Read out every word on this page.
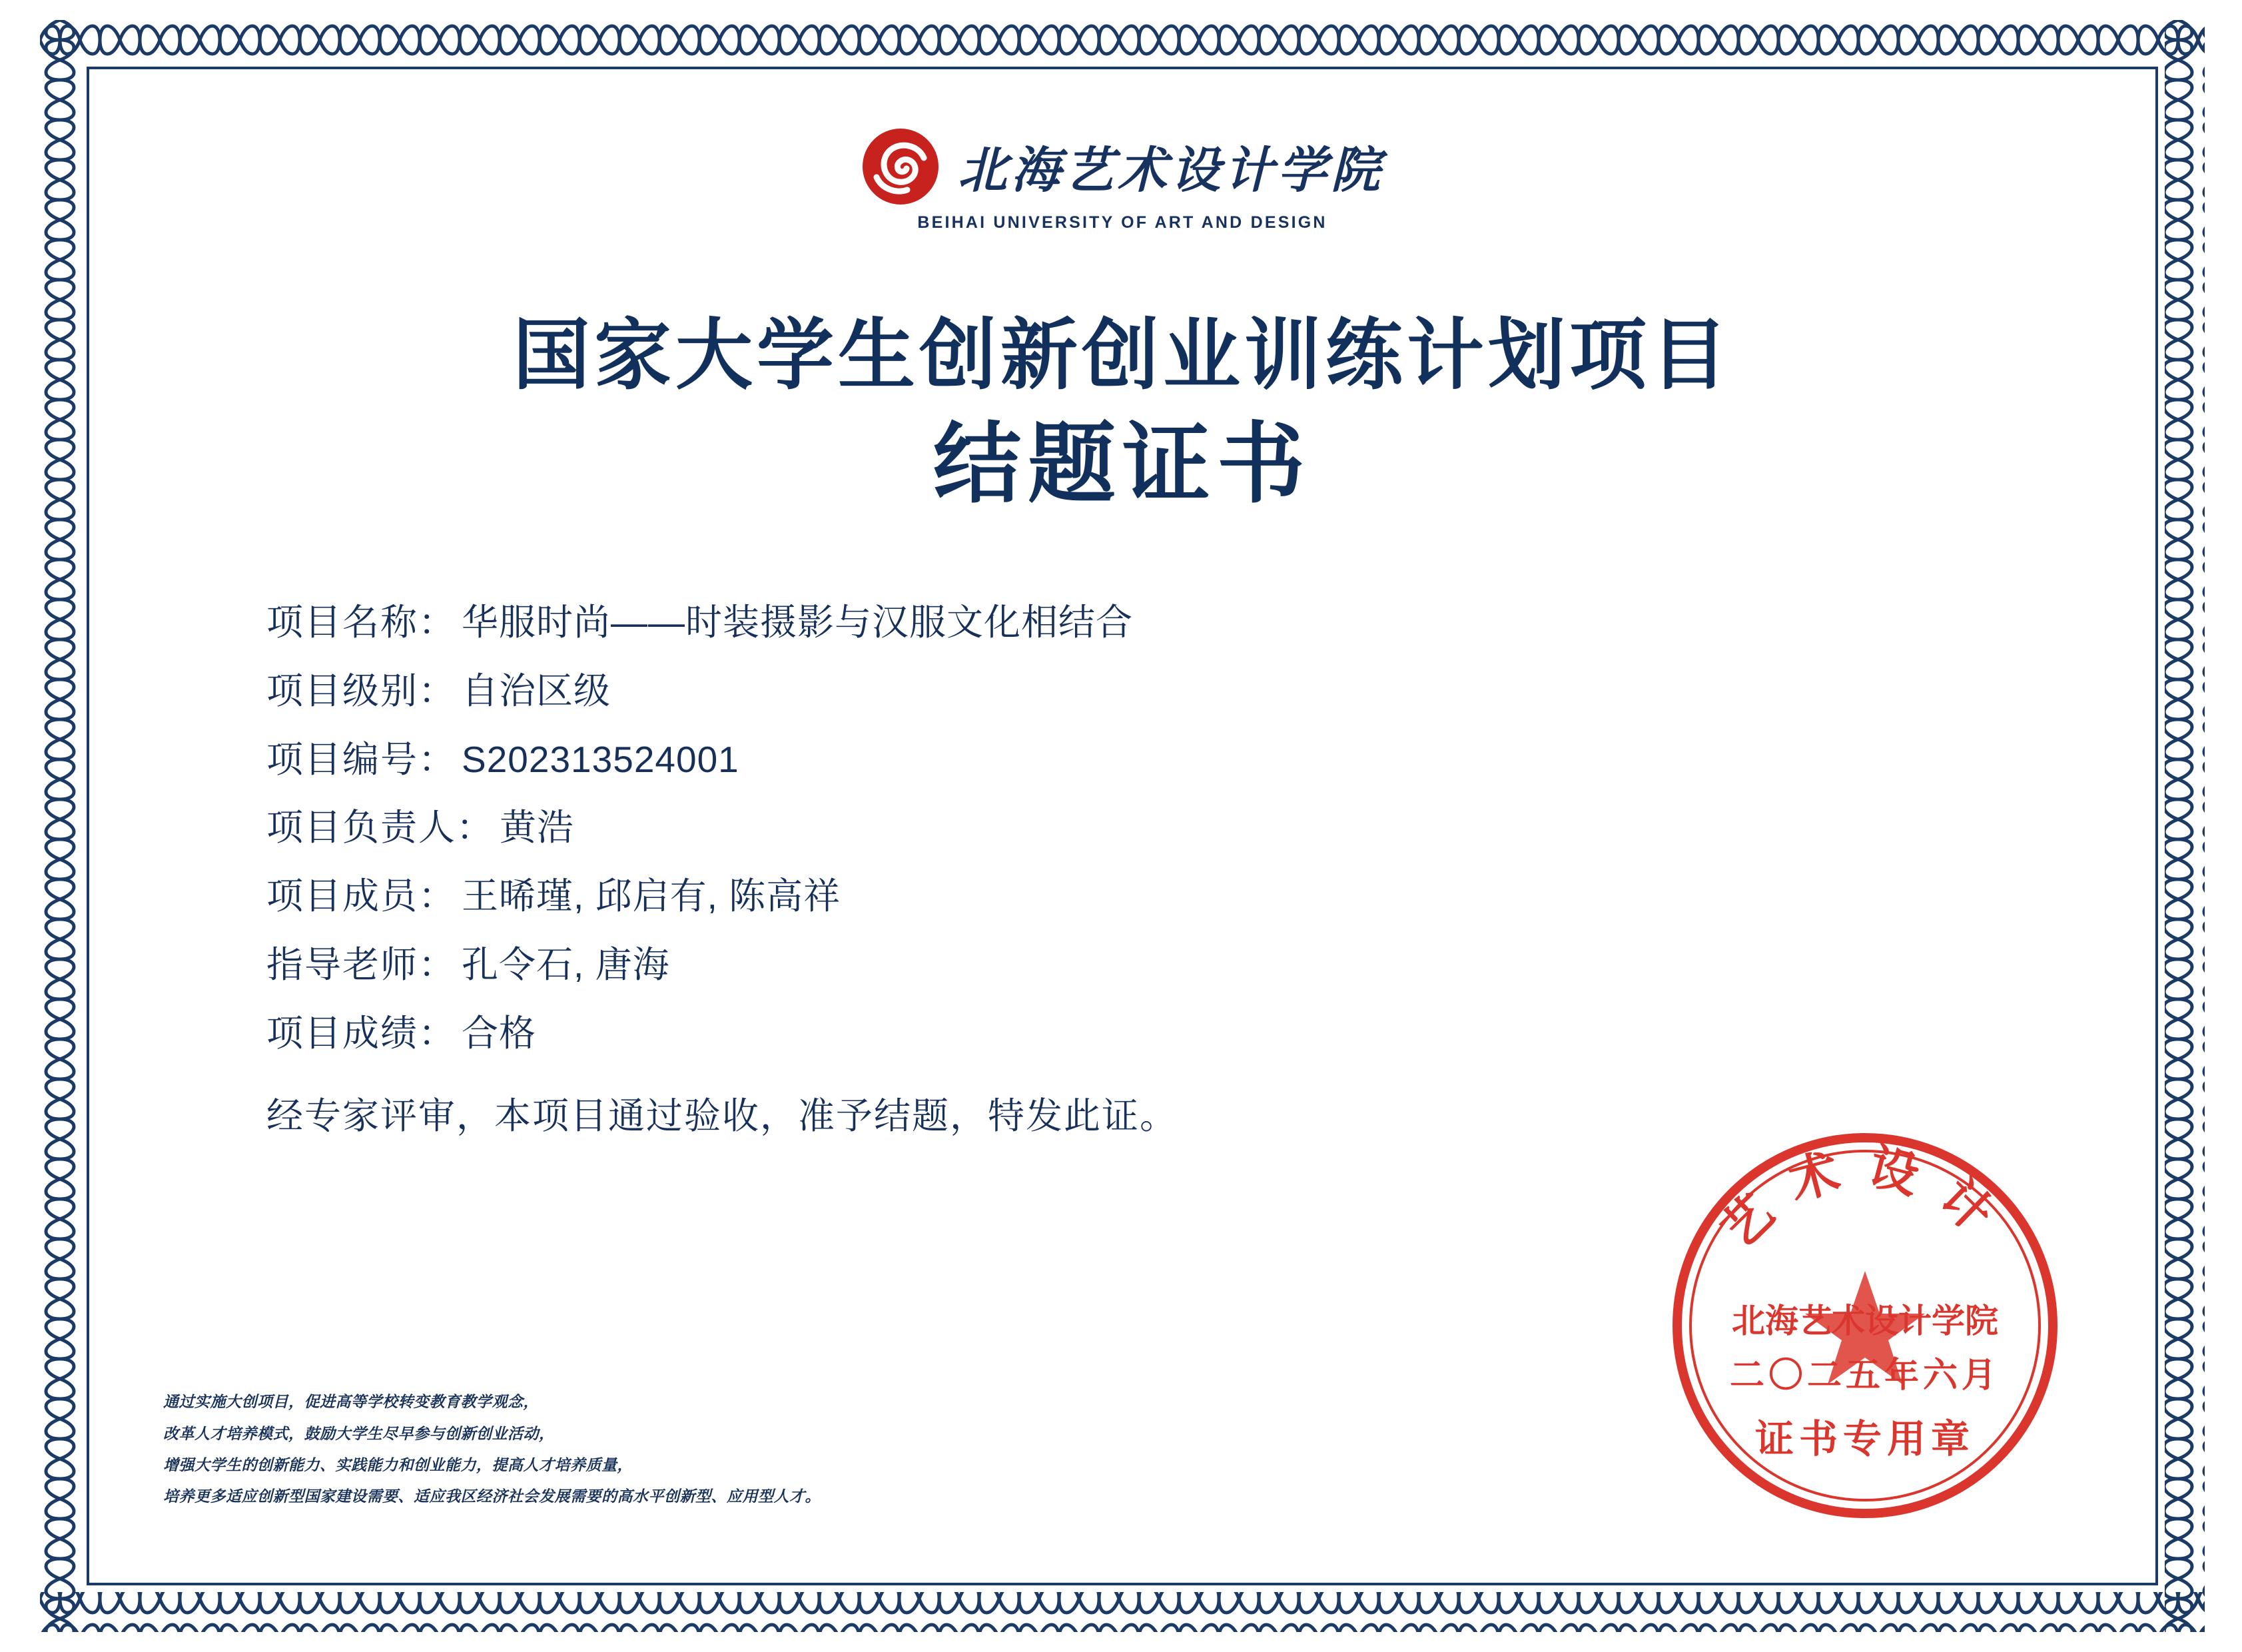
北海艺术设计学院
BEIHAI UNIVERSITY OF ART AND DESIGN
国家大学生创新创业训练计划项目
结题证书
项目名称： 华服时尚——时装摄影与汉服文化相结合
项目级别： 自治区级
项目编号： S202313524001
项目负责人： 黄浩
项目成员： 王晞瑾, 邱启有, 陈高祥
指导老师： 孔令石, 唐海
项目成绩： 合格
经专家评审，本项目通过验收，准予结题，特发此证。
通过实施大创项目，促进高等学校转变教育教学观念，
改革人才培养模式，鼓励大学生尽早参与创新创业活动，
增强大学生的创新能力、实践能力和创业能力，提高人才培养质量，
培养更多适应创新型国家建设需要、适应我区经济社会发展需要的高水平创新型、应用型人才。
艺术设计
北海艺术设计学院
二〇二五年六月
证书专用章
